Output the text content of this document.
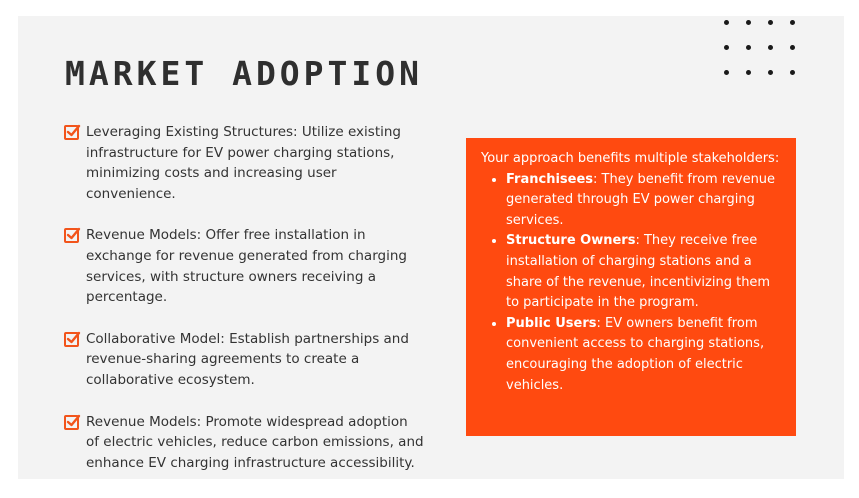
MARKET ADOPTION
Leveraging Existing Structures: Utilize existing infrastructure for EV power charging stations, minimizing costs and increasing user convenience.
Revenue Models: Offer free installation in exchange for revenue generated from charging services, with structure owners receiving a percentage.
Collaborative Model: Establish partnerships and revenue-sharing agreements to create a collaborative ecosystem.
Revenue Models: Promote widespread adoption of electric vehicles, reduce carbon emissions, and enhance EV charging infrastructure accessibility.

Your approach benefits multiple stakeholders:

• Franchisees: They benefit from revenue generated through EV power charging services.
• Structure Owners: They receive free installation of charging stations and a share of the revenue, incentivizing them to participate in the program.
• Public Users: EV owners benefit from convenient access to charging stations, encouraging the adoption of electric vehicles.
